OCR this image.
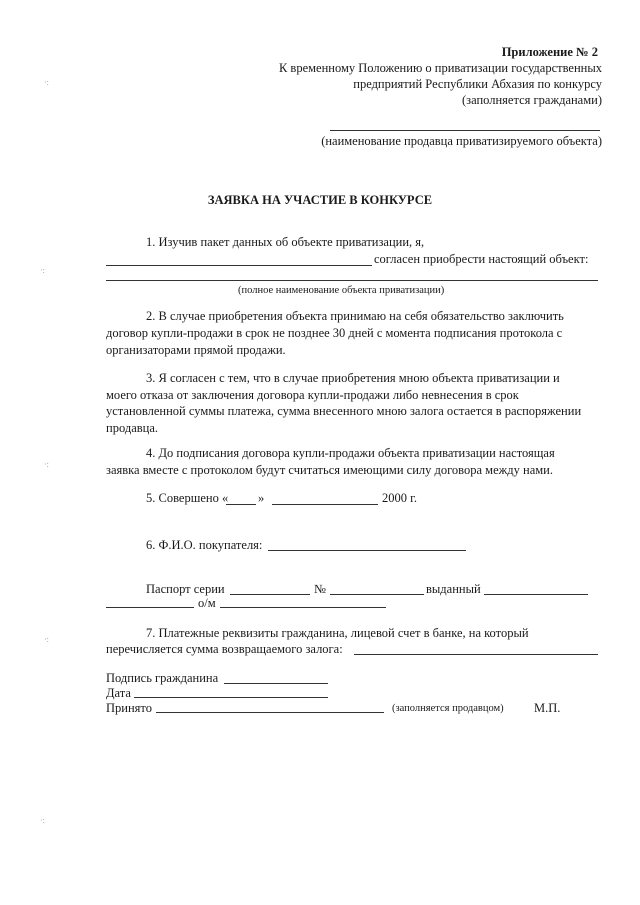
·:
·:
·:
·:
·:
Приложение № 2
К временному Положению о приватизации государственных
предприятий Республики Абхазия по конкурсу
(заполняется гражданами)
(наименование продавца приватизируемого объекта)
ЗАЯВКА НА УЧАСТИЕ В КОНКУРСЕ
1. Изучив пакет данных об объекте приватизации, я,
согласен приобрести настоящий объект:
(полное наименование объекта приватизации)
2. В случае приобретения объекта принимаю на себя обязательство заключить
договор купли-продажи в срок не позднее 30 дней с момента подписания протокола с
организаторами прямой продажи.
3. Я согласен с тем, что в случае приобретения мною объекта приватизации и
моего отказа от заключения договора купли-продажи либо невнесения в срок
установленной суммы платежа, сумма внесенного мною залога остается в распоряжении
продавца.
4. До подписания договора купли-продажи объекта приватизации настоящая
заявка вместе с протоколом будут считаться имеющими силу договора между нами.
5. Совершено « »	2000 г.
6. Ф.И.О. покупателя:
Паспорт серии	№	выданный
о/м
7. Платежные реквизиты гражданина, лицевой счет в банке, на который
перечисляется сумма возвращаемого залога:
Подпись гражданина
Дата
Принято	(заполняется продавцом) М.П.
